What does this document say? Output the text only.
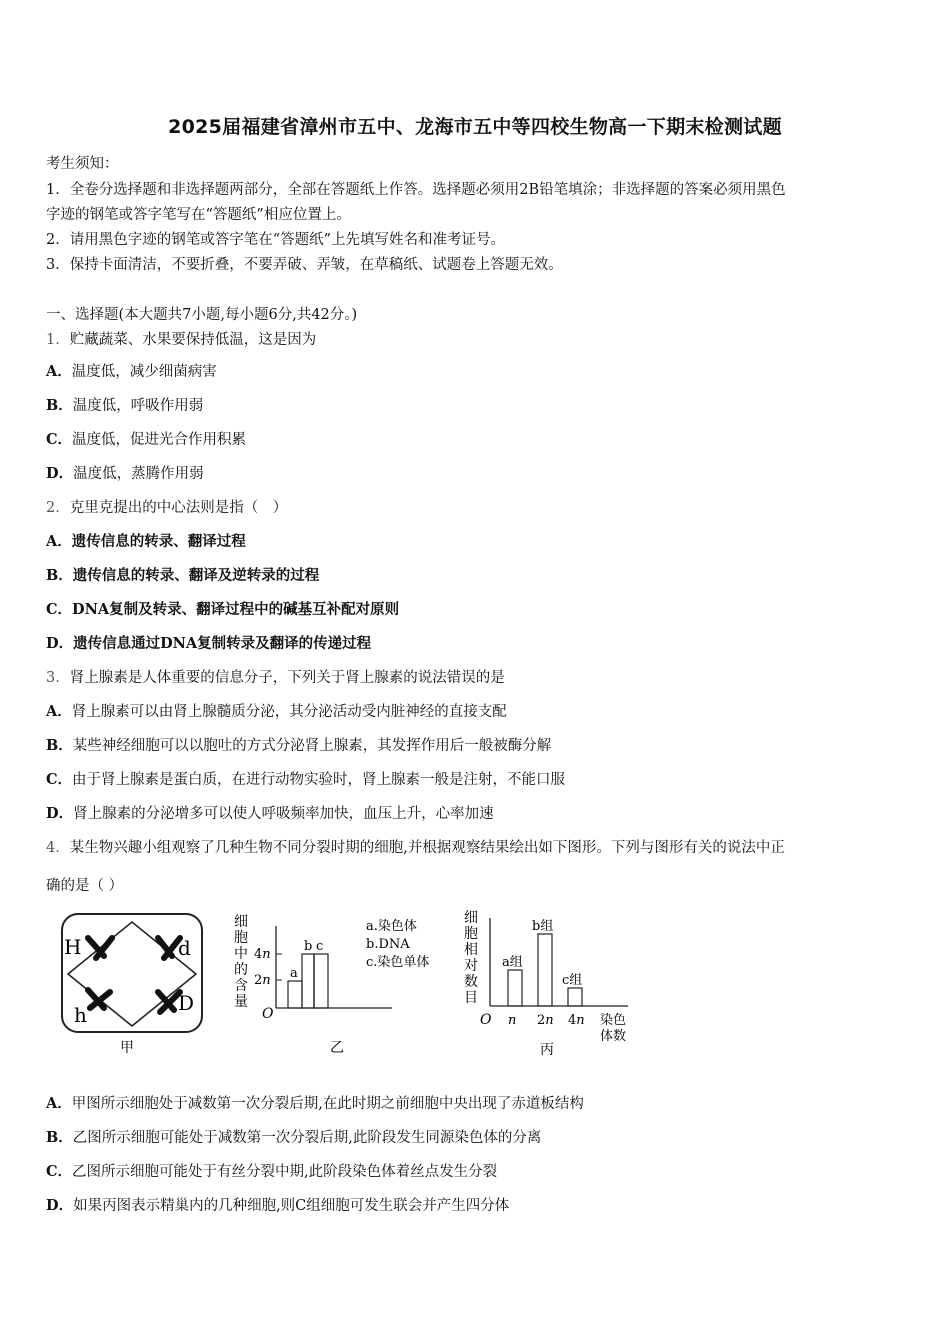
2025届福建省漳州市五中、龙海市五中等四校生物高一下期末检测试题
考生须知：
1．全卷分选择题和非选择题两部分，全部在答题纸上作答。选择题必须用2B铅笔填涂；非选择题的答案必须用黑色
字迹的钢笔或答字笔写在“答题纸”相应位置上。
2．请用黑色字迹的钢笔或答字笔在“答题纸”上先填写姓名和准考证号。
3．保持卡面清洁，不要折叠，不要弄破、弄皱，在草稿纸、试题卷上答题无效。
一、选择题(本大题共7小题,每小题6分,共42分。)
1．贮藏蔬菜、水果要保持低温，这是因为
A．温度低，减少细菌病害
B．温度低，呼吸作用弱
C．温度低，促进光合作用积累
D．温度低，蒸腾作用弱
2．克里克提出的中心法则是指（　）
A．遗传信息的转录、翻译过程
B．遗传信息的转录、翻译及逆转录的过程
C．DNA复制及转录、翻译过程中的碱基互补配对原则
D．遗传信息通过DNA复制转录及翻译的传递过程
3．肾上腺素是人体重要的信息分子，下列关于肾上腺素的说法错误的是
A．肾上腺素可以由肾上腺髓质分泌，其分泌活动受内脏神经的直接支配
B．某些神经细胞可以以胞吐的方式分泌肾上腺素，其发挥作用后一般被酶分解
C．由于肾上腺素是蛋白质，在进行动物实验时，肾上腺素一般是注射，不能口服
D．肾上腺素的分泌增多可以使人呼吸频率加快，血压上升，心率加速
4．某生物兴趣小组观察了几种生物不同分裂时期的细胞,并根据观察结果绘出如下图形。下列与图形有关的说法中正
确的是（ ）
H	d
h	D
甲
细
胞
中
的
含
量
O
4n
2n a
b c
a.染色体
b.DNA
c.染色单体
乙
细
胞
相
对
数
目
O n 2n 4n 染色
体数
a组
b组
c组
丙
A．甲图所示细胞处于减数第一次分裂后期,在此时期之前细胞中央出现了赤道板结构
B．乙图所示细胞可能处于减数第一次分裂后期,此阶段发生同源染色体的分离
C．乙图所示细胞可能处于有丝分裂中期,此阶段染色体着丝点发生分裂
D．如果丙图表示精巢内的几种细胞,则C组细胞可发生联会并产生四分体
